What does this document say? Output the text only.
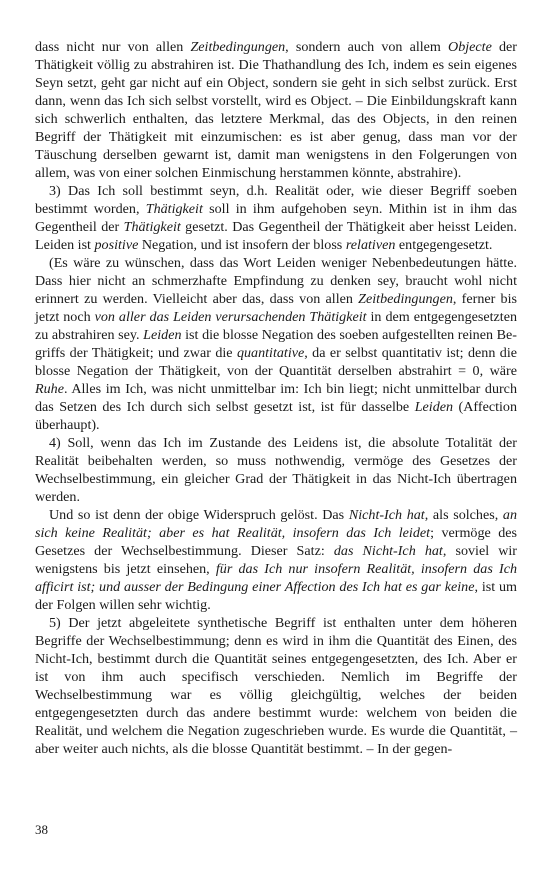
dass nicht nur von allen Zeitbedingungen, sondern auch von allem Objecte der Thätigkeit völlig zu abstrahiren ist. Die Thathandlung des Ich, indem es sein eigenes Seyn setzt, geht gar nicht auf ein Object, sondern sie geht in sich selbst zurück. Erst dann, wenn das Ich sich selbst vorstellt, wird es Object. – Die Einbildungskraft kann sich schwerlich enthalten, das letztere Merkmal, das des Objects, in den reinen Begriff der Thätigkeit mit einzumischen: es ist aber genug, dass man vor der Täuschung derselben gewarnt ist, damit man wenigstens in den Folgerungen von allem, was von einer solchen Einmischung herstammen könnte, abstrahire).

3) Das Ich soll bestimmt seyn, d.h. Realität oder, wie dieser Begriff soeben bestimmt worden, Thätigkeit soll in ihm aufgehoben seyn. Mithin ist in ihm das Gegentheil der Thätigkeit gesetzt. Das Gegentheil der Thätigkeit aber heisst Leiden. Leiden ist positive Negation, und ist insofern der bloss relativen entgegengesetzt.

(Es wäre zu wünschen, dass das Wort Leiden weniger Nebenbedeutungen hätte. Dass hier nicht an schmerzhafte Empfindung zu denken sey, braucht wohl nicht erinnert zu werden. Vielleicht aber das, dass von allen Zeitbedingungen, ferner bis jetzt noch von aller das Leiden verursachenden Thätigkeit in dem entgegengesetzten zu abstrahiren sey. Leiden ist die blosse Negation des soeben aufgestellten reinen Begriffs der Thätigkeit; und zwar die quantitative, da er selbst quantitativ ist; denn die blosse Negation der Thätigkeit, von der Quantität derselben abstrahirt = 0, wäre Ruhe. Alles im Ich, was nicht unmittelbar im: Ich bin liegt; nicht unmittelbar durch das Setzen des Ich durch sich selbst gesetzt ist, ist für dasselbe Leiden (Affection überhaupt).

4) Soll, wenn das Ich im Zustande des Leidens ist, die absolute Totalität der Realität beibehalten werden, so muss nothwendig, vermöge des Gesetzes der Wechselbestimmung, ein gleicher Grad der Thätigkeit in das Nicht-Ich übertragen werden.

Und so ist denn der obige Widerspruch gelöst. Das Nicht-Ich hat, als solches, an sich keine Realität; aber es hat Realität, insofern das Ich leidet; vermöge des Gesetzes der Wechselbestimmung. Dieser Satz: das Nicht-Ich hat, soviel wir wenigstens bis jetzt einsehen, für das Ich nur insofern Realität, insofern das Ich afficirt ist; und ausser der Bedingung einer Affection des Ich hat es gar keine, ist um der Folgen willen sehr wichtig.

5) Der jetzt abgeleitete synthetische Begriff ist enthalten unter dem höheren Begriffe der Wechselbestimmung; denn es wird in ihm die Quantität des Einen, des Nicht-Ich, bestimmt durch die Quantität seines entgegengesetzten, des Ich. Aber er ist von ihm auch specifisch verschieden. Nemlich im Begriffe der Wechselbestimmung war es völlig gleichgültig, welches der beiden entgegengesetzten durch das andere bestimmt wurde: welchem von beiden die Realität, und welchem die Negation zugeschrieben wurde. Es wurde die Quantität, – aber weiter auch nichts, als die blosse Quantität bestimmt. – In der gegen-

38
